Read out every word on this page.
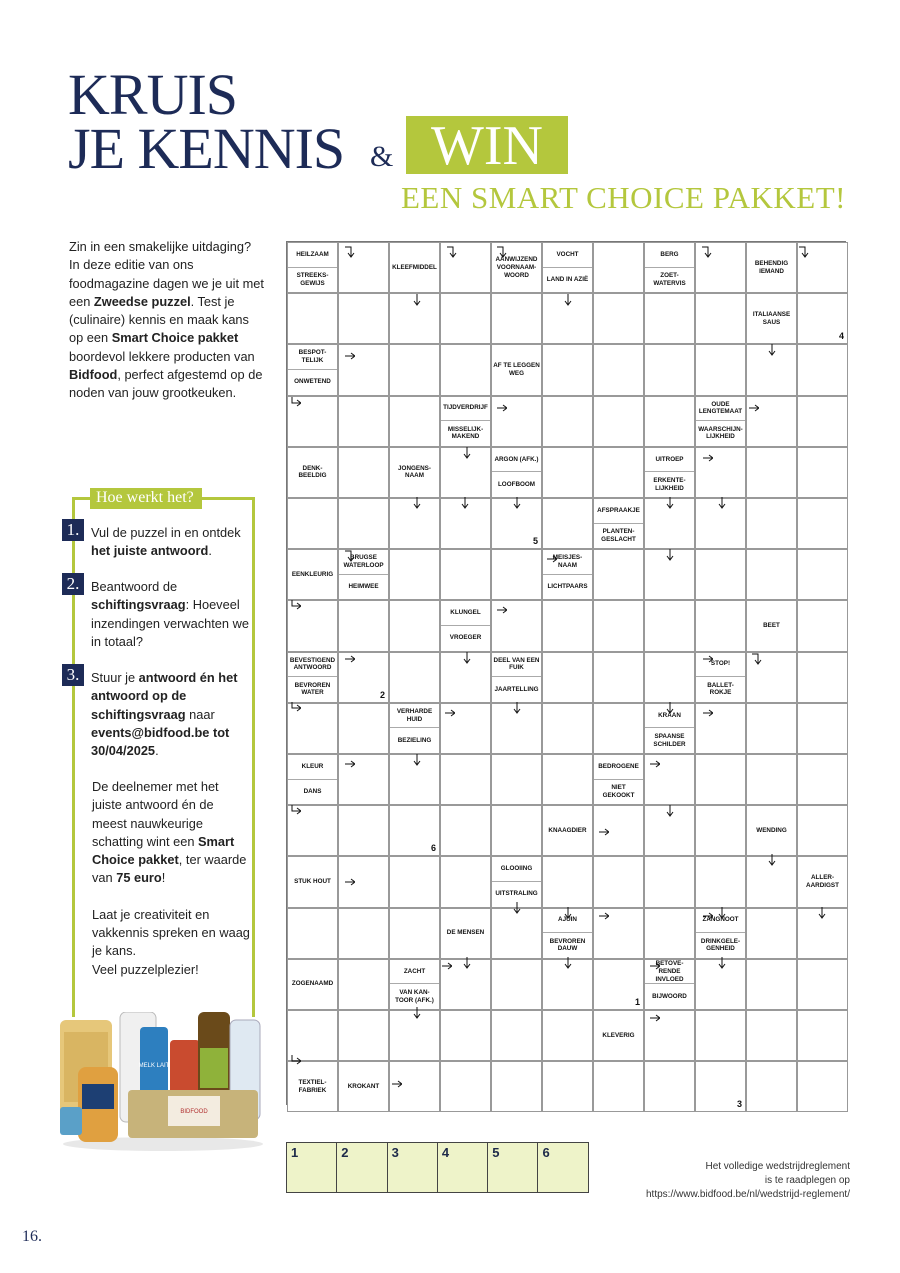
KRUIS
JE KENNIS & WIN
EEN SMART CHOICE PAKKET!
Zin in een smakelijke uitdaging? In deze editie van ons foodmagazine dagen we je uit met een Zweedse puzzel. Test je (culinaire) kennis en maak kans op een Smart Choice pakket boordevol lekkere producten van Bidfood, perfect afgestemd op de noden van jouw grootkeuken.
Hoe werkt het?
1. Vul de puzzel in en ontdek het juiste antwoord.
2. Beantwoord de schiftingsvraag: Hoeveel inzendingen verwachten we in totaal?
3. Stuur je antwoord én het antwoord op de schiftingsvraag naar events@bidfood.be tot 30/04/2025.
De deelnemer met het juiste antwoord én de meest nauwkeurige schatting wint een Smart Choice pakket, ter waarde van 75 euro!
Laat je creativiteit en vakkennis spreken en waag je kans.
Veel puzzelplezier!
MELK LAIT
BIDFOOD
HEILZAAM
STREEKS-GEWIJS
KLEEFMIDDEL
AANWIJZEND VOORNAAM-WOORD
VOCHT
LAND IN AZIË
BERG
ZOET-WATERVIS
BEHENDIG IEMAND
ITALIAANSE SAUS
BESPOT-TELIJK
ONWETEND
AF TE LEGGEN WEG
TIJDVERDRIJF
MISSELIJK-MAKEND
OUDE LENGTEMAAT
WAARSCHIJN-LIJKHEID
DENK-BEELDIG
JONGENS-NAAM
ARGON (AFK.)
LOOFBOOM
UITROEP
ERKENTE-LIJKHEID
AFSPRAAKJE
PLANTEN-GESLACHT
EENKLEURIG
BRUGSE WATERLOOP
HEIMWEE
MEISJES-NAAM
LICHTPAARS
KLUNGEL
VROEGER
BEET
BEVESTIGEND ANTWOORD
BEVROREN WATER
DEEL VAN EEN FUIK
JAARTELLING
STOP!
BALLET-ROKJE
VERHARDE HUID
BEZIELING
KRAAN
SPAANSE SCHILDER
KLEUR
DANS
BEDROGENE
NIET GEKOOKT
KNAAGDIER	WENDING
STUK HOUT
GLOOIING
UITSTRALING
ALLER-AARDIGST
DE MENSEN
AJUIN
BEVROREN DAUW
ZANGNOOT
DRINKGELE-GENHEID
ZACHT
VAN KAN-TOOR (AFK.)
ZOGENAAMD
BETOVE-RENDE INVLOED
BIJWOORD
KLEVERIG
TEXTIEL-FABRIEK
KROKANT
4
5
2
6
1
3
1	2	3	4	5	6
Het volledige wedstrijdreglement
is te raadplegen op
https://www.bidfood.be/nl/wedstrijd-reglement/
16.
